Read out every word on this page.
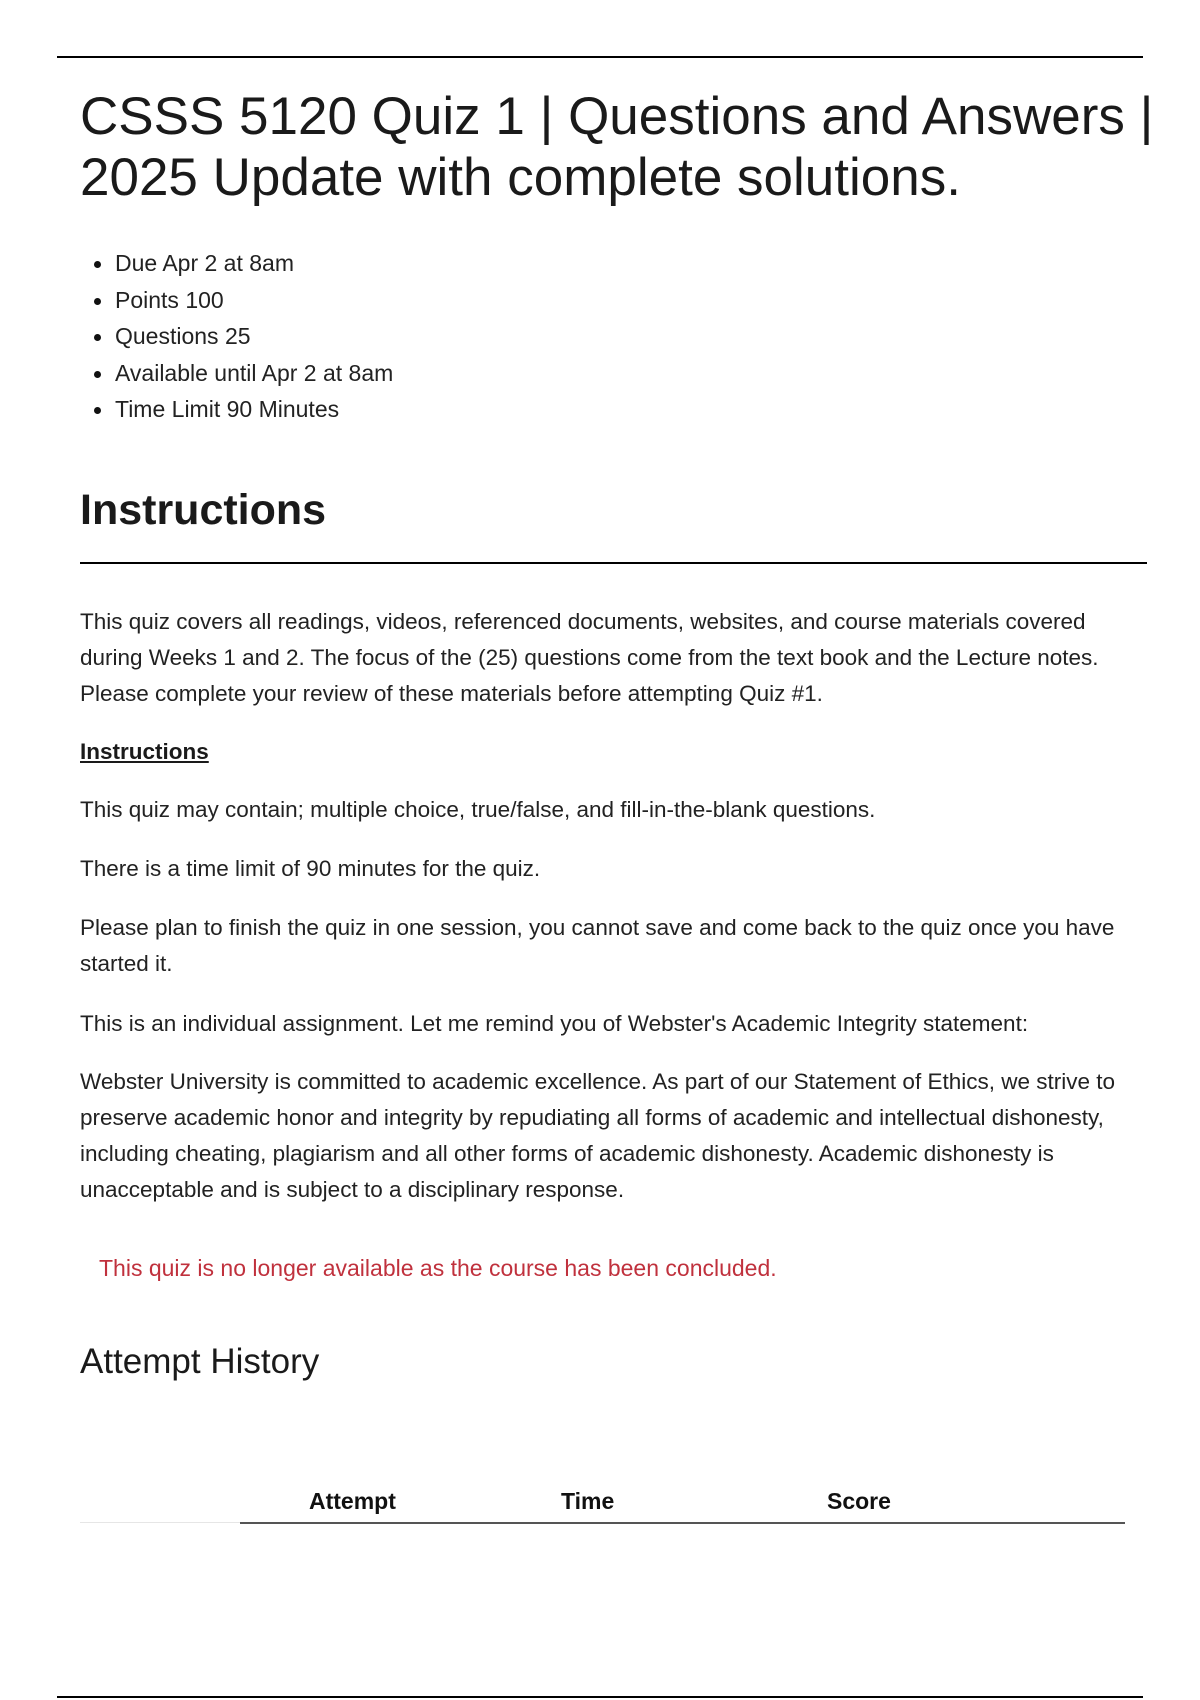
CSSS 5120 Quiz 1 | Questions and Answers | 2025 Update with complete solutions.
Due Apr 2 at 8am
Points 100
Questions 25
Available until Apr 2 at 8am
Time Limit 90 Minutes
Instructions

This quiz covers all readings, videos, referenced documents, websites, and course materials covered during Weeks 1 and 2. The focus of the (25) questions come from the text book and the Lecture notes. Please complete your review of these materials before attempting Quiz #1.

Instructions

This quiz may contain; multiple choice, true/false, and fill-in-the-blank questions.

There is a time limit of 90 minutes for the quiz.

Please plan to finish the quiz in one session, you cannot save and come back to the quiz once you have started it.

This is an individual assignment. Let me remind you of Webster's Academic Integrity statement:

Webster University is committed to academic excellence. As part of our Statement of Ethics, we strive to preserve academic honor and integrity by repudiating all forms of academic and intellectual dishonesty, including cheating, plagiarism and all other forms of academic dishonesty. Academic dishonesty is unacceptable and is subject to a disciplinary response.

This quiz is no longer available as the course has been concluded.

Attempt History
Attempt	Time	Score
